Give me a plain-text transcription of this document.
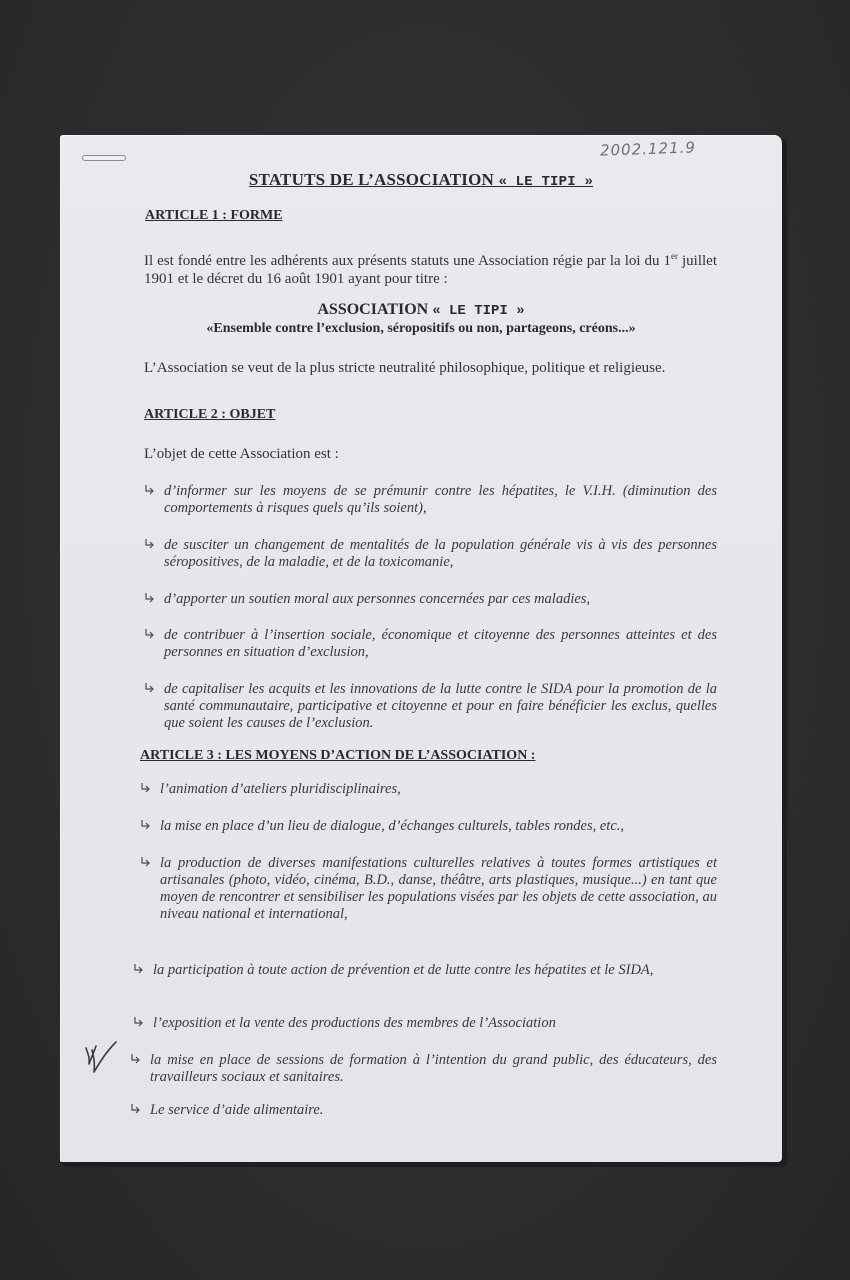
2002.121.9
STATUTS DE L’ASSOCIATION « LE TIPI »
ARTICLE 1 : FORME
Il est fondé entre les adhérents aux présents statuts une Association régie par la loi du 1er juillet 1901 et le décret du 16 août 1901 ayant pour titre :
ASSOCIATION « LE TIPI »
«Ensemble contre l’exclusion, séropositifs ou non, partageons, créons...»
L’Association se veut de la plus stricte neutralité philosophique, politique et religieuse.
ARTICLE 2 : OBJET
L’objet de cette Association est :
d’informer sur les moyens de se prémunir contre les hépatites, le V.I.H. (diminution des comportements à risques quels qu’ils soient),
de susciter un changement de mentalités de la population générale vis à vis des personnes séropositives, de la maladie, et de la toxicomanie,
d’apporter un soutien moral aux personnes concernées par ces maladies,
de contribuer à l’insertion sociale, économique et citoyenne des personnes atteintes et des personnes en situation d’exclusion,
de capitaliser les acquits et les innovations de la lutte contre le SIDA pour la promotion de la santé communautaire, participative et citoyenne et pour en faire bénéficier les exclus, quelles que soient les causes de l’exclusion.
ARTICLE 3 : LES MOYENS D’ACTION DE L’ASSOCIATION :
l’animation d’ateliers pluridisciplinaires,
la mise en place d’un lieu de dialogue, d’échanges culturels, tables rondes, etc.,
la production de diverses manifestations culturelles relatives à toutes formes artistiques et artisanales (photo, vidéo, cinéma, B.D., danse, théâtre, arts plastiques, musique...) en tant que moyen de rencontrer et sensibiliser les populations visées par les objets de cette association, au niveau national et international,
la participation à toute action de prévention et de lutte contre les hépatites et le SIDA,
l’exposition et la vente des productions des membres de l’Association
la mise en place de sessions de formation à l’intention du grand public, des éducateurs, des travailleurs sociaux et sanitaires.
Le service d’aide alimentaire.
